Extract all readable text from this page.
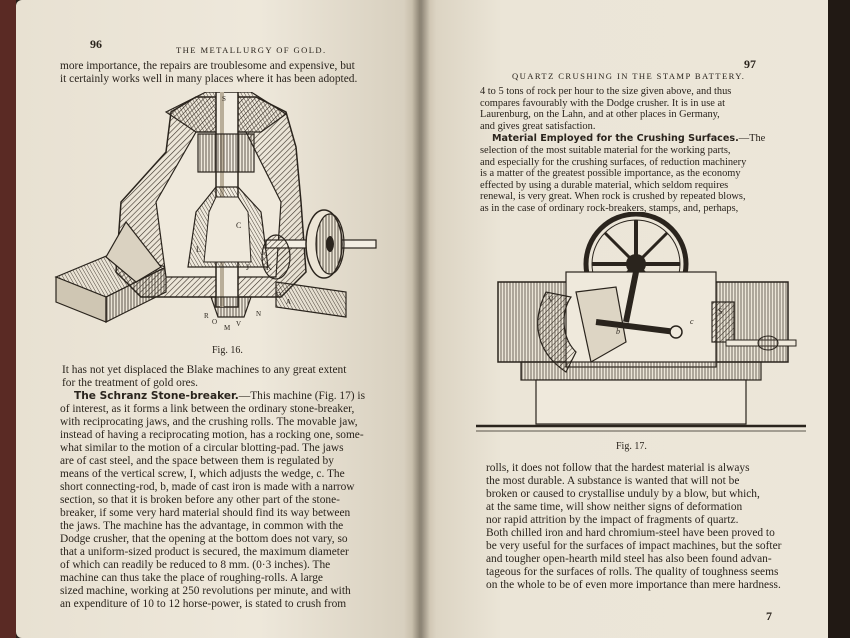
96	THE METALLURGY OF GOLD.
more importance, the repairs are troublesome and expensive, but
it certainly works well in many places where it has been adopted.
S
C
J K
L
D
A
N
M
R
O	V
Fig. 16.
It has not yet displaced the Blake machines to any great extent
for the treatment of gold ores.
The Schranz Stone-breaker.—This machine (Fig. 17) is
of interest, as it forms a link between the ordinary stone-breaker,
with reciprocating jaws, and the crushing rolls. The movable jaw,
instead of having a reciprocating motion, has a rocking one, some-
what similar to the motion of a circular blotting-pad. The jaws
are of cast steel, and the space between them is regulated by
means of the vertical screw, I, which adjusts the wedge, c. The
short connecting-rod, b, made of cast iron is made with a narrow
section, so that it is broken before any other part of the stone-
breaker, if some very hard material should find its way between
the jaws. The machine has the advantage, in common with the
Dodge crusher, that the opening at the bottom does not vary, so
that a uniform-sized product is secured, the maximum diameter
of which can readily be reduced to 8 mm. (0·3 inches). The
machine can thus take the place of roughing-rolls. A large
sized machine, working at 250 revolutions per minute, and with
an expenditure of 10 to 12 horse-power, is stated to crush from
QUARTZ CRUSHING IN THE STAMP BATTERY.
97
4 to 5 tons of rock per hour to the size given above, and thus
compares favourably with the Dodge crusher. It is in use at
Laurenburg, on the Lahn, and at other places in Germany,
and gives great satisfaction.
Material Employed for the Crushing Surfaces.—The
selection of the most suitable material for the working parts,
and especially for the crushing surfaces, of reduction machinery
is a matter of the greatest possible importance, as the economy
effected by using a durable material, which seldom requires
renewal, is very great. When rock is crushed by repeated blows,
as in the case of ordinary rock-breakers, stamps, and, perhaps,
V
b
c
S
Fig. 17.
rolls, it does not follow that the hardest material is always
the most durable. A substance is wanted that will not be
broken or caused to crystallise unduly by a blow, but which,
at the same time, will show neither signs of deformation
nor rapid attrition by the impact of fragments of quartz.
Both chilled iron and hard chromium-steel have been proved to
be very useful for the surfaces of impact machines, but the softer
and tougher open-hearth mild steel has also been found advan-
tageous for the surfaces of rolls. The quality of toughness seems
on the whole to be of even more importance than mere hardness.
7
